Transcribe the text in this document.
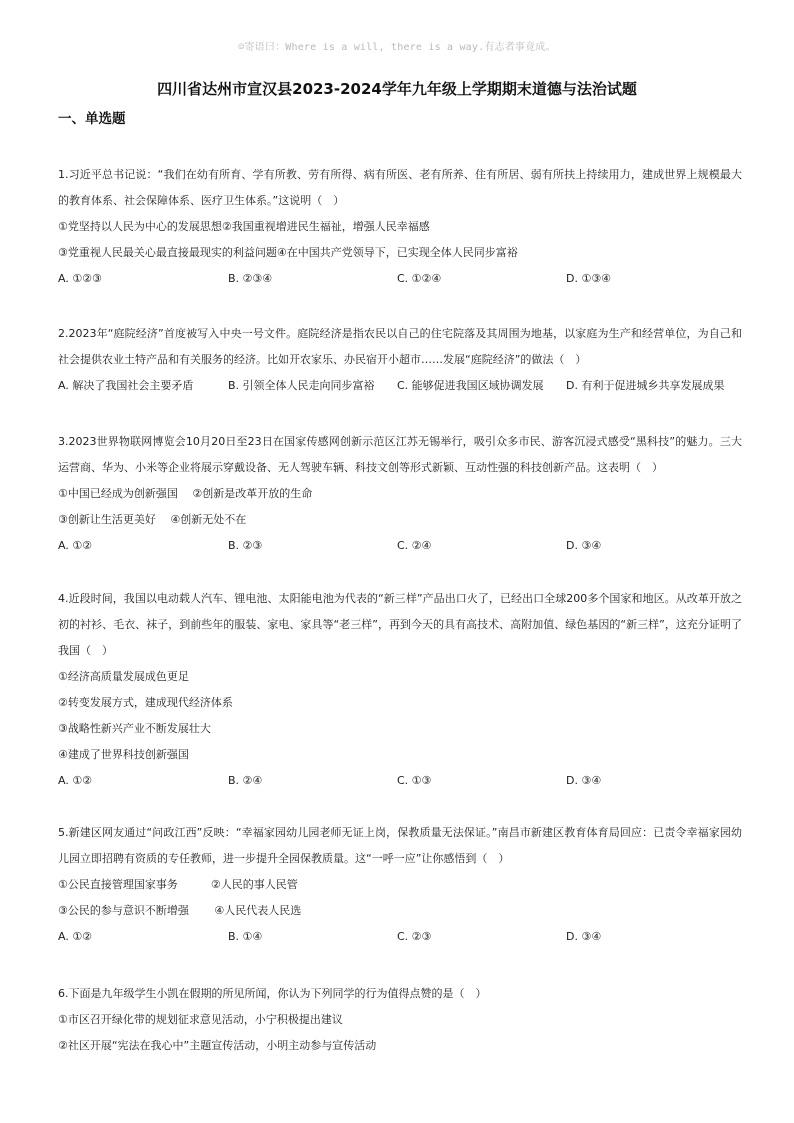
☺寄语曰：Where is a will, there is a way.有志者事竟成。
四川省达州市宣汉县2023-2024学年九年级上学期期末道德与法治试题
一、单选题
1.习近平总书记说：“我们在幼有所育、学有所教、劳有所得、病有所医、老有所养、住有所居、弱有所扶上持续用力，建成世界上规模最大的教育体系、社会保障体系、医疗卫生体系。”这说明（　）
①党坚持以人民为中心的发展思想②我国重视增进民生福祉，增强人民幸福感
③党重视人民最关心最直接最现实的利益问题④在中国共产党领导下，已实现全体人民同步富裕
A. ①②③	B. ②③④	C. ①②④	D. ①③④
2.2023年“庭院经济”首度被写入中央一号文件。庭院经济是指农民以自己的住宅院落及其周围为地基，以家庭为生产和经营单位，为自己和社会提供农业土特产品和有关服务的经济。比如开农家乐、办民宿开小超市……发展“庭院经济”的做法（　）
A. 解决了我国社会主要矛盾	B. 引领全体人民走向同步富裕 C. 能够促进我国区域协调发展 D. 有利于促进城乡共享发展成果
3.2023世界物联网博览会10月20日至23日在国家传感网创新示范区江苏无锡举行，吸引众多市民、游客沉浸式感受“黑科技”的魅力。三大运营商、华为、小米等企业将展示穿戴设备、无人驾驶车辆、科技文创等形式新颖、互动性强的科技创新产品。这表明（　）
①中国已经成为创新强国　 ②创新是改革开放的生命
③创新让生活更美好　 ④创新无处不在
A. ①②	B. ②③	C. ②④	D. ③④
4.近段时间，我国以电动载人汽车、锂电池、太阳能电池为代表的“新三样”产品出口火了，已经出口全球200多个国家和地区。从改革开放之初的衬衫、毛衣、袜子，到前些年的服装、家电、家具等“老三样”，再到今天的具有高技术、高附加值、绿色基因的“新三样”，这充分证明了我国（　）
①经济高质量发展成色更足
②转变发展方式，建成现代经济体系
③战略性新兴产业不断发展壮大
④建成了世界科技创新强国
A. ①②	B. ②④	C. ①③	D. ③④
5.新建区网友通过“问政江西”反映：“幸福家园幼儿园老师无证上岗，保教质量无法保证。”南昌市新建区教育体育局回应：已责令幸福家园幼儿园立即招聘有资质的专任教师，进一步提升全园保教质量。这“一呼一应”让你感悟到（　）
①公民直接管理国家事务　　　②人民的事人民管
③公民的参与意识不断增强　　 ④人民代表人民选
A. ①②	B. ①④	C. ②③	D. ③④
6.下面是九年级学生小凯在假期的所见所闻，你认为下列同学的行为值得点赞的是（　）
①市区召开绿化带的规划征求意见活动，小宁积极提出建议
②社区开展“宪法在我心中”主题宣传活动，小明主动参与宣传活动
